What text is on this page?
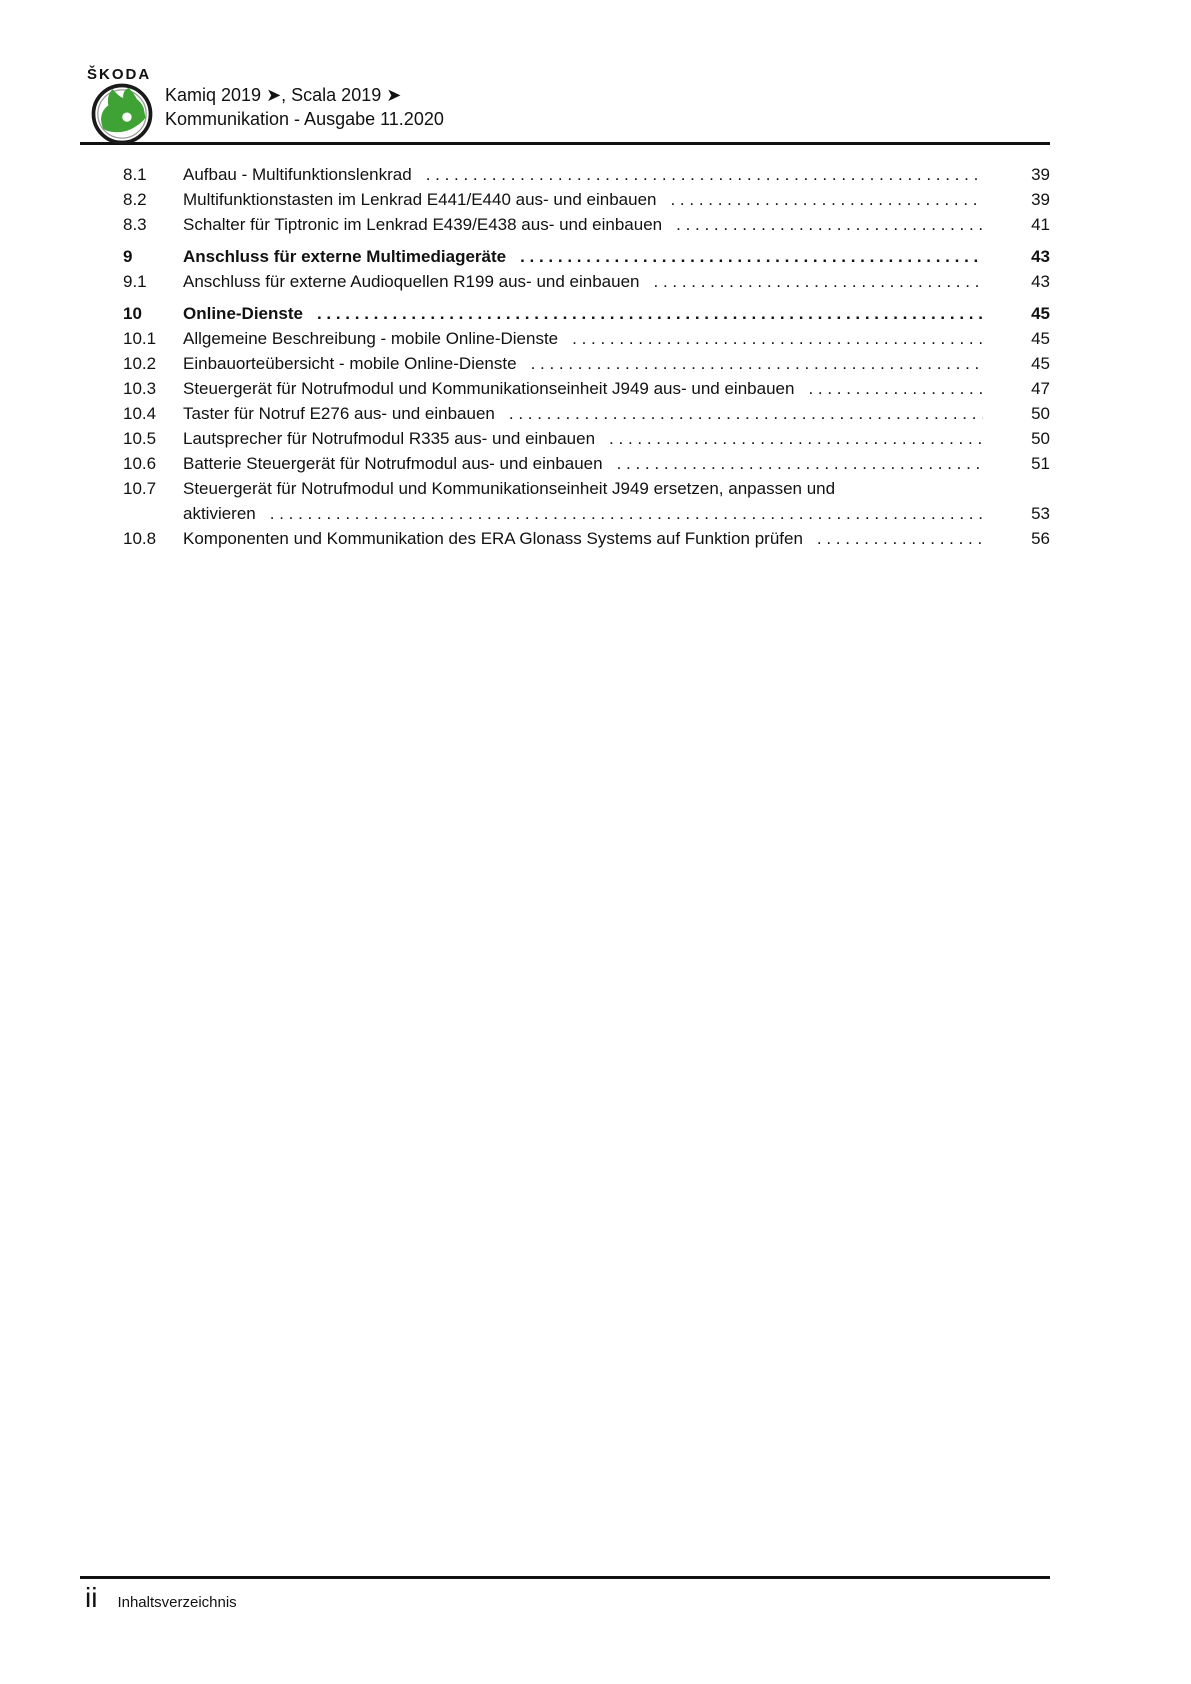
ŠKODA
Kamiq 2019 ➤, Scala 2019 ➤
Kommunikation - Ausgabe 11.2020
8.1	Aufbau - Multifunktionslenkrad . . .	39
8.2	Multifunktionstasten im Lenkrad E441/E440 aus- und einbauen . . .	39
8.3	Schalter für Tiptronic im Lenkrad E439/E438 aus- und einbauen . . .	41
9	Anschluss für externe Multimediageräte . . .	43
9.1	Anschluss für externe Audioquellen R199 aus- und einbauen . . .	43
10	Online-Dienste . . .	45
10.1	Allgemeine Beschreibung - mobile Online-Dienste . . .	45
10.2	Einbauorteübersicht - mobile Online-Dienste . . .	45
10.3	Steuergerät für Notrufmodul und Kommunikationseinheit J949 aus- und einbauen . . .	47
10.4	Taster für Notruf E276 aus- und einbauen . . .	50
10.5	Lautsprecher für Notrufmodul R335 aus- und einbauen . . .	50
10.6	Batterie Steuergerät für Notrufmodul aus- und einbauen . . .	51
10.7	Steuergerät für Notrufmodul und Kommunikationseinheit J949 ersetzen, anpassen und
aktivieren . . .	53
10.8	Komponenten und Kommunikation des ERA Glonass Systems auf Funktion prüfen . . .	56
ii Inhaltsverzeichnis
